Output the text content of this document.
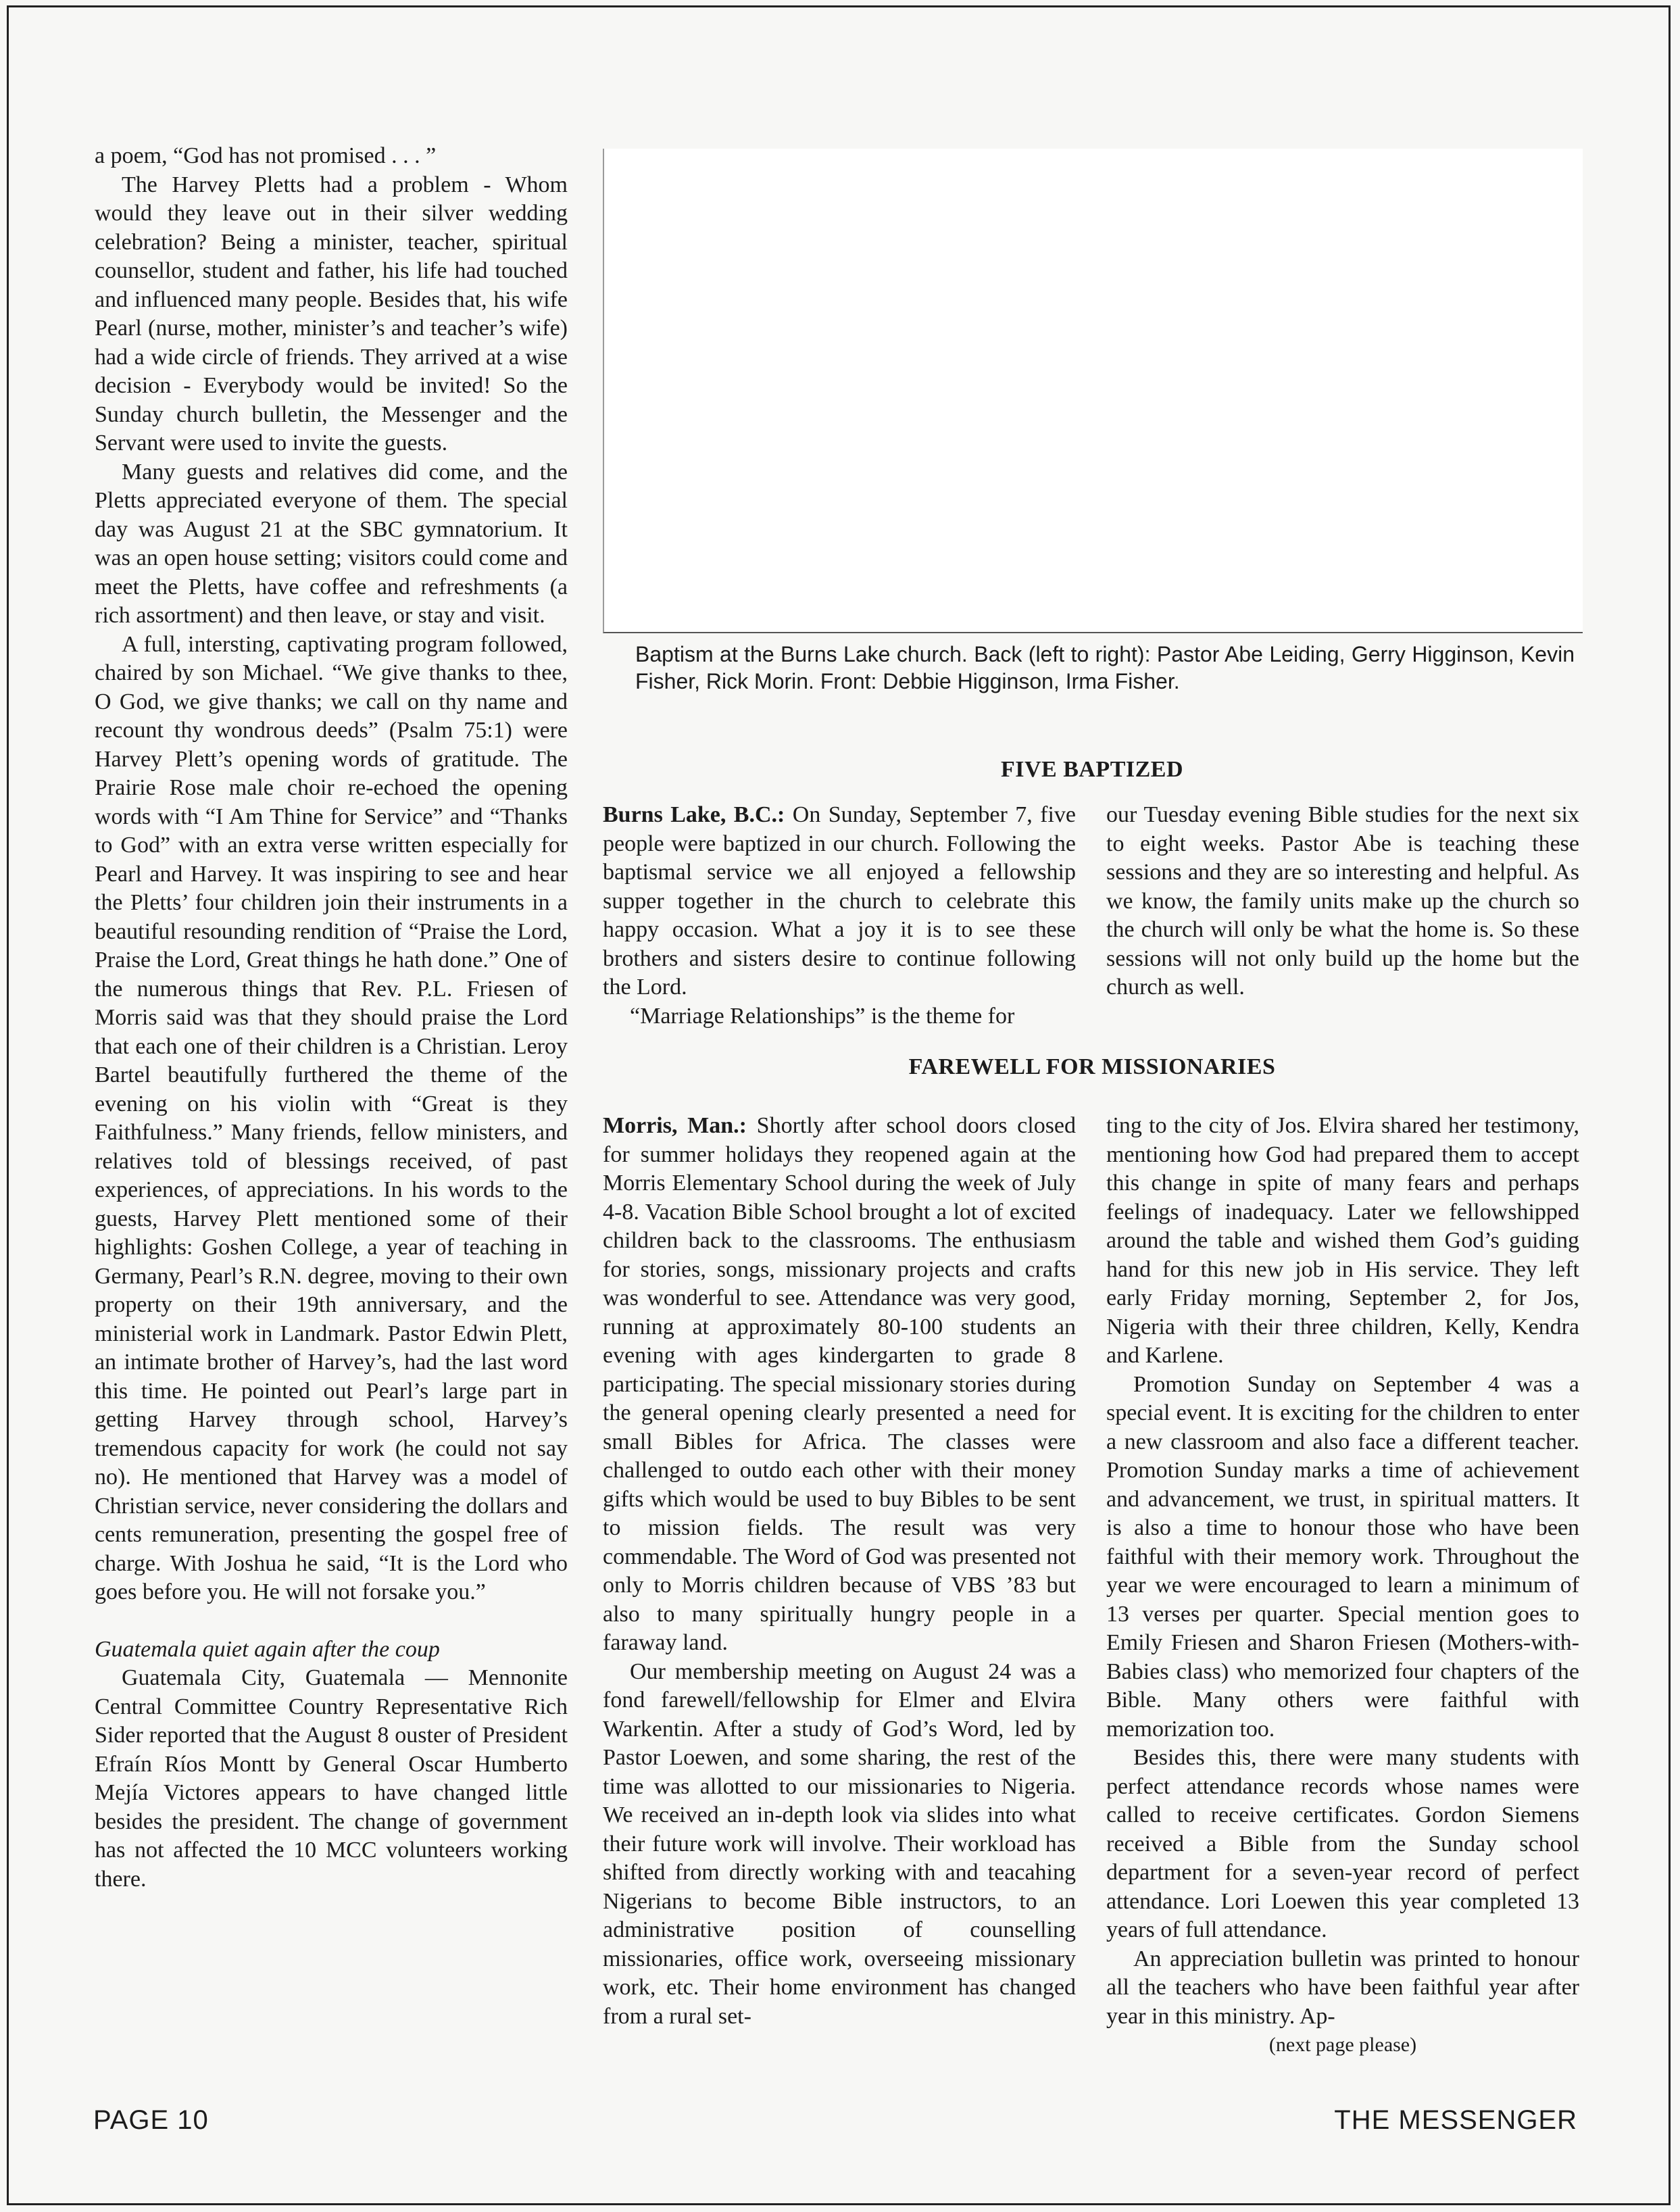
a poem, “God has not promised . . . ”

The Harvey Pletts had a problem - Whom would they leave out in their silver wedding celebration? Being a minister, teacher, spiritual counsellor, student and father, his life had touched and influenced many people. Besides that, his wife Pearl (nurse, mother, minister’s and teacher’s wife) had a wide circle of friends. They arrived at a wise decision - Everybody would be invited! So the Sunday church bulletin, the Messenger and the Servant were used to invite the guests.

Many guests and relatives did come, and the Pletts appreciated everyone of them. The special day was August 21 at the SBC gymnatorium. It was an open house setting; visitors could come and meet the Pletts, have coffee and refreshments (a rich assortment) and then leave, or stay and visit.

A full, intersting, captivating program followed, chaired by son Michael. “We give thanks to thee, O God, we give thanks; we call on thy name and recount thy wondrous deeds” (Psalm 75:1) were Harvey Plett’s opening words of gratitude. The Prairie Rose male choir re-echoed the opening words with “I Am Thine for Service” and “Thanks to God” with an extra verse written especially for Pearl and Harvey. It was inspiring to see and hear the Pletts’ four children join their instruments in a beautiful resounding rendition of “Praise the Lord, Praise the Lord, Great things he hath done.” One of the numerous things that Rev. P.L. Friesen of Morris said was that they should praise the Lord that each one of their children is a Christian. Leroy Bartel beautifully furthered the theme of the evening on his violin with “Great is they Faithfulness.” Many friends, fellow ministers, and relatives told of blessings received, of past experiences, of appreciations. In his words to the guests, Harvey Plett mentioned some of their highlights: Goshen College, a year of teaching in Germany, Pearl’s R.N. degree, moving to their own property on their 19th anniversary, and the ministerial work in Landmark. Pastor Edwin Plett, an intimate brother of Harvey’s, had the last word this time. He pointed out Pearl’s large part in getting Harvey through school, Harvey’s tremendous capacity for work (he could not say no). He mentioned that Harvey was a model of Christian service, never considering the dollars and cents remuneration, presenting the gospel free of charge. With Joshua he said, “It is the Lord who goes before you. He will not forsake you.”

Guatemala quiet again after the coup

Guatemala City, Guatemala — Mennonite Central Committee Country Representative Rich Sider reported that the August 8 ouster of President Efraín Ríos Montt by General Oscar Humberto Mejía Victores appears to have changed little besides the president. The change of government has not affected the 10 MCC volunteers working there.

Baptism at the Burns Lake church. Back (left to right): Pastor Abe Leiding, Gerry Higginson, Kevin Fisher, Rick Morin. Front: Debbie Higginson, Irma Fisher.
FIVE BAPTIZED

Burns Lake, B.C.: On Sunday, September 7, five people were baptized in our church. Following the baptismal service we all enjoyed a fellowship supper together in the church to celebrate this happy occasion. What a joy it is to see these brothers and sisters desire to continue following the Lord.

“Marriage Relationships” is the theme for

our Tuesday evening Bible studies for the next six to eight weeks. Pastor Abe is teaching these sessions and they are so interesting and helpful. As we know, the family units make up the church so the church will only be what the home is. So these sessions will not only build up the home but the church as well.

FAREWELL FOR MISSIONARIES

Morris, Man.: Shortly after school doors closed for summer holidays they reopened again at the Morris Elementary School during the week of July 4-8. Vacation Bible School brought a lot of excited children back to the classrooms. The enthusiasm for stories, songs, missionary projects and crafts was wonderful to see. Attendance was very good, running at approximately 80-100 students an evening with ages kindergarten to grade 8 participating. The special missionary stories during the general opening clearly presented a need for small Bibles for Africa. The classes were challenged to outdo each other with their money gifts which would be used to buy Bibles to be sent to mission fields. The result was very commendable. The Word of God was presented not only to Morris children because of VBS ’83 but also to many spiritually hungry people in a faraway land.

Our membership meeting on August 24 was a fond farewell/fellowship for Elmer and Elvira Warkentin. After a study of God’s Word, led by Pastor Loewen, and some sharing, the rest of the time was allotted to our missionaries to Nigeria. We received an in-depth look via slides into what their future work will involve. Their workload has shifted from directly working with and teacahing Nigerians to become Bible instructors, to an administrative position of counselling missionaries, office work, overseeing missionary work, etc. Their home environment has changed from a rural set-

ting to the city of Jos. Elvira shared her testimony, mentioning how God had prepared them to accept this change in spite of many fears and perhaps feelings of inadequacy. Later we fellowshipped around the table and wished them God’s guiding hand for this new job in His service. They left early Friday morning, September 2, for Jos, Nigeria with their three children, Kelly, Kendra and Karlene.

Promotion Sunday on September 4 was a special event. It is exciting for the children to enter a new classroom and also face a different teacher. Promotion Sunday marks a time of achievement and advancement, we trust, in spiritual matters. It is also a time to honour those who have been faithful with their memory work. Throughout the year we were encouraged to learn a minimum of 13 verses per quarter. Special mention goes to Emily Friesen and Sharon Friesen (Mothers-with-Babies class) who memorized four chapters of the Bible. Many others were faithful with memorization too.

Besides this, there were many students with perfect attendance records whose names were called to receive certificates. Gordon Siemens received a Bible from the Sunday school department for a seven-year record of perfect attendance. Lori Loewen this year completed 13 years of full attendance.

An appreciation bulletin was printed to honour all the teachers who have been faithful year after year in this ministry. Ap-

(next page please)

PAGE 10	THE MESSENGER
